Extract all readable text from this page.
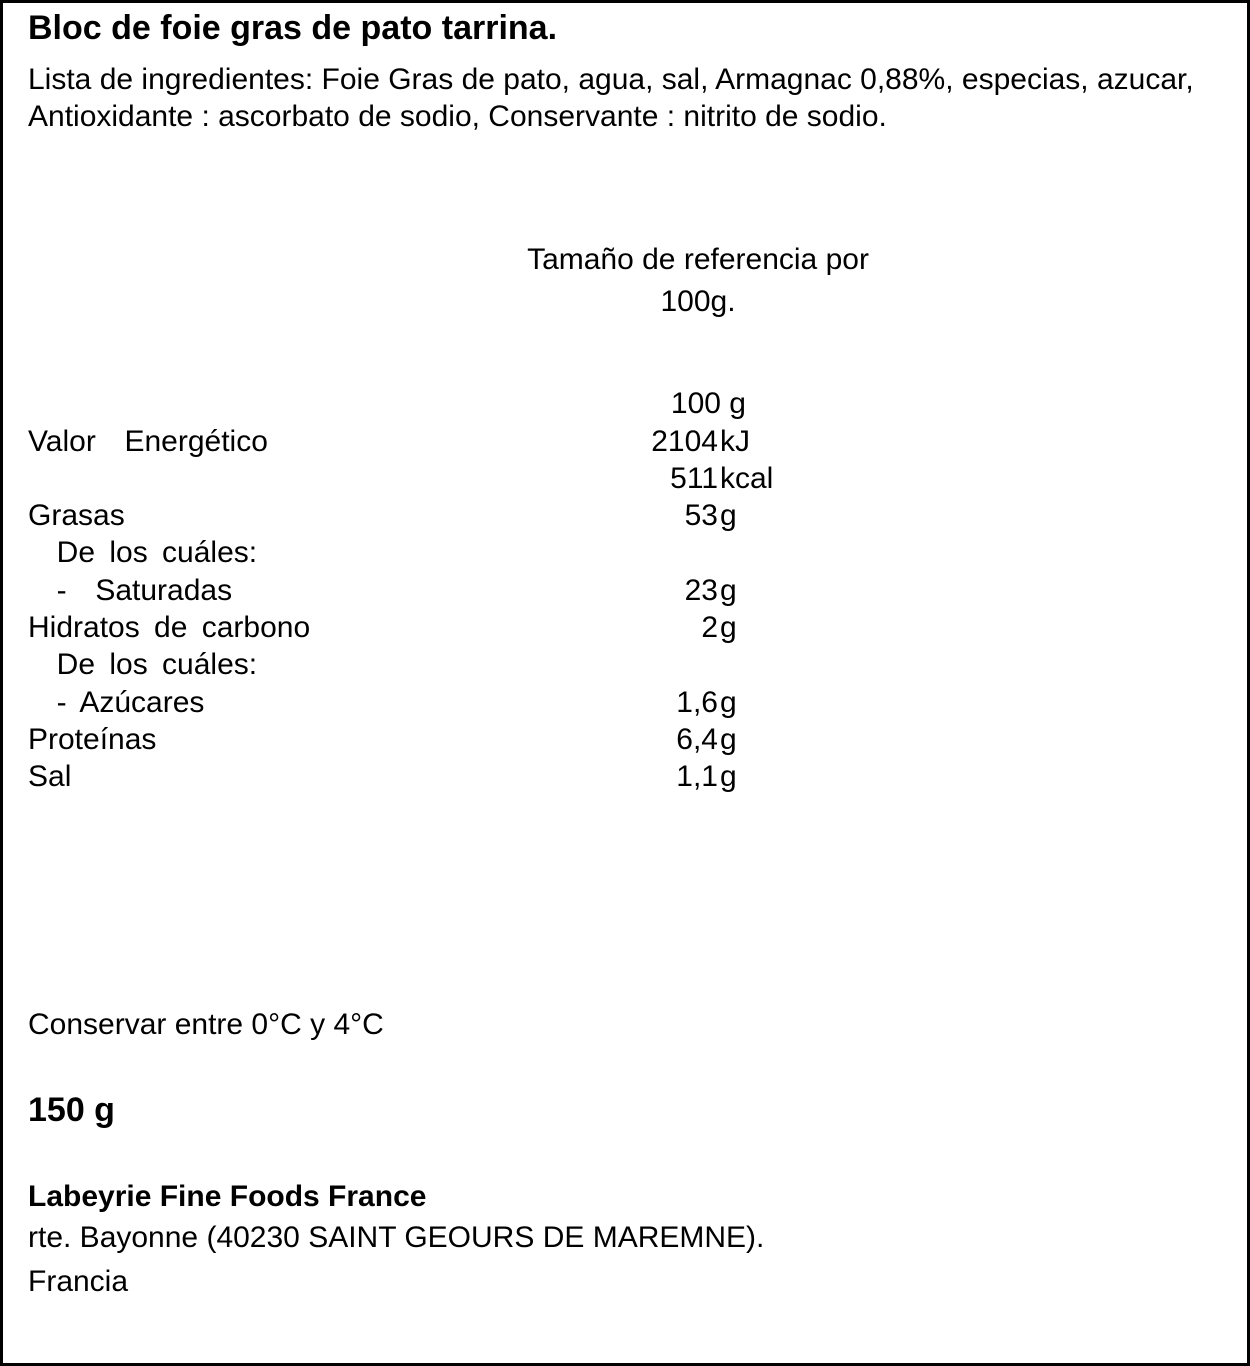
Bloc de foie gras de pato tarrina.
Lista de ingredientes: Foie Gras de pato, agua, sal, Armagnac 0,88%, especias, azucar, Antioxidante : ascorbato de sodio, Conservante : nitrito de sodio.
Tamaño de referencia por
100g.
100 g
Valor  Energético	2104 kJ
511 kcal
Grasas	53 g
De los cuáles:
-  Saturadas	23 g
Hidratos de carbono	2 g
De los cuáles:
- Azúcares	1,6 g
Proteínas	6,4 g
Sal	1,1 g
Conservar entre 0°C y 4°C
150 g
Labeyrie Fine Foods France
rte. Bayonne (40230 SAINT GEOURS DE MAREMNE).
Francia
